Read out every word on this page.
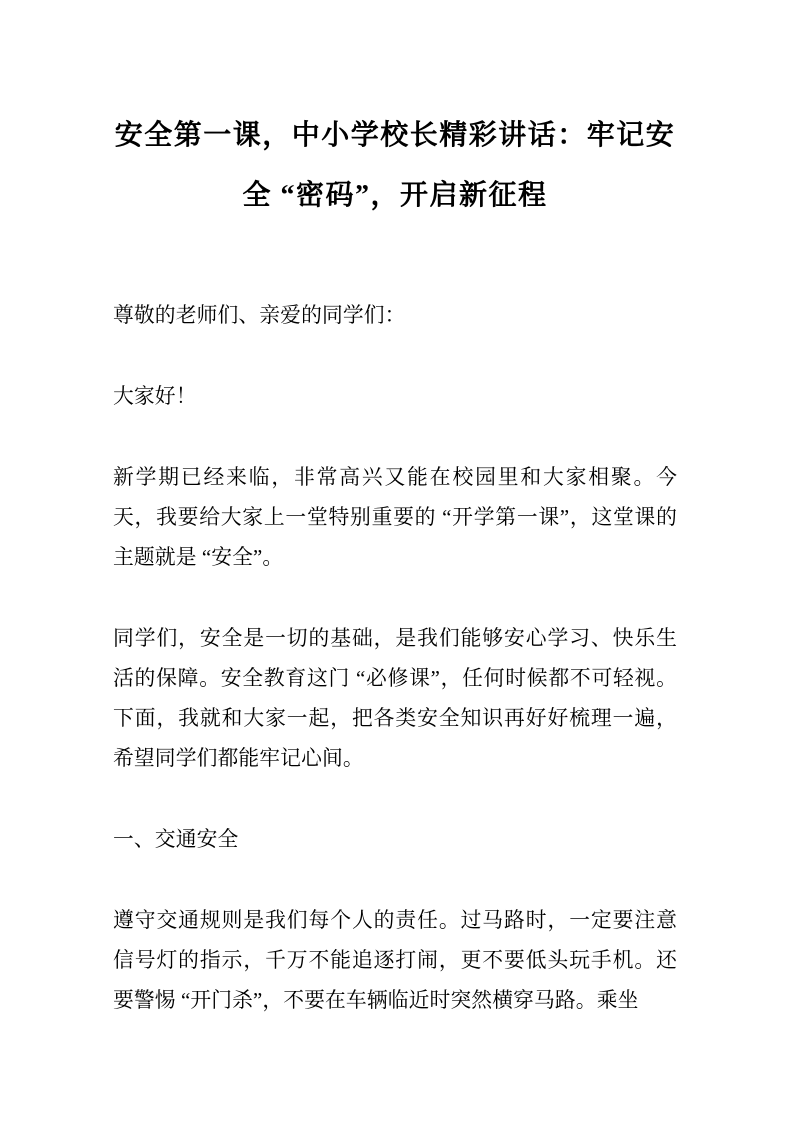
安全第一课，中小学校长精彩讲话：牢记安全 “密码”，开启新征程

尊敬的老师们、亲爱的同学们：

大家好！

新学期已经来临，非常高兴又能在校园里和大家相聚。今天，我要给大家上一堂特别重要的 “开学第一课”，这堂课的主题就是 “安全”。

同学们，安全是一切的基础，是我们能够安心学习、快乐生活的保障。安全教育这门 “必修课”，任何时候都不可轻视。下面，我就和大家一起，把各类安全知识再好好梳理一遍，希望同学们都能牢记心间。

一、交通安全

遵守交通规则是我们每个人的责任。过马路时，一定要注意信号灯的指示，千万不能追逐打闹，更不要低头玩手机。还要警惕 “开门杀”，不要在车辆临近时突然横穿马路。乘坐
